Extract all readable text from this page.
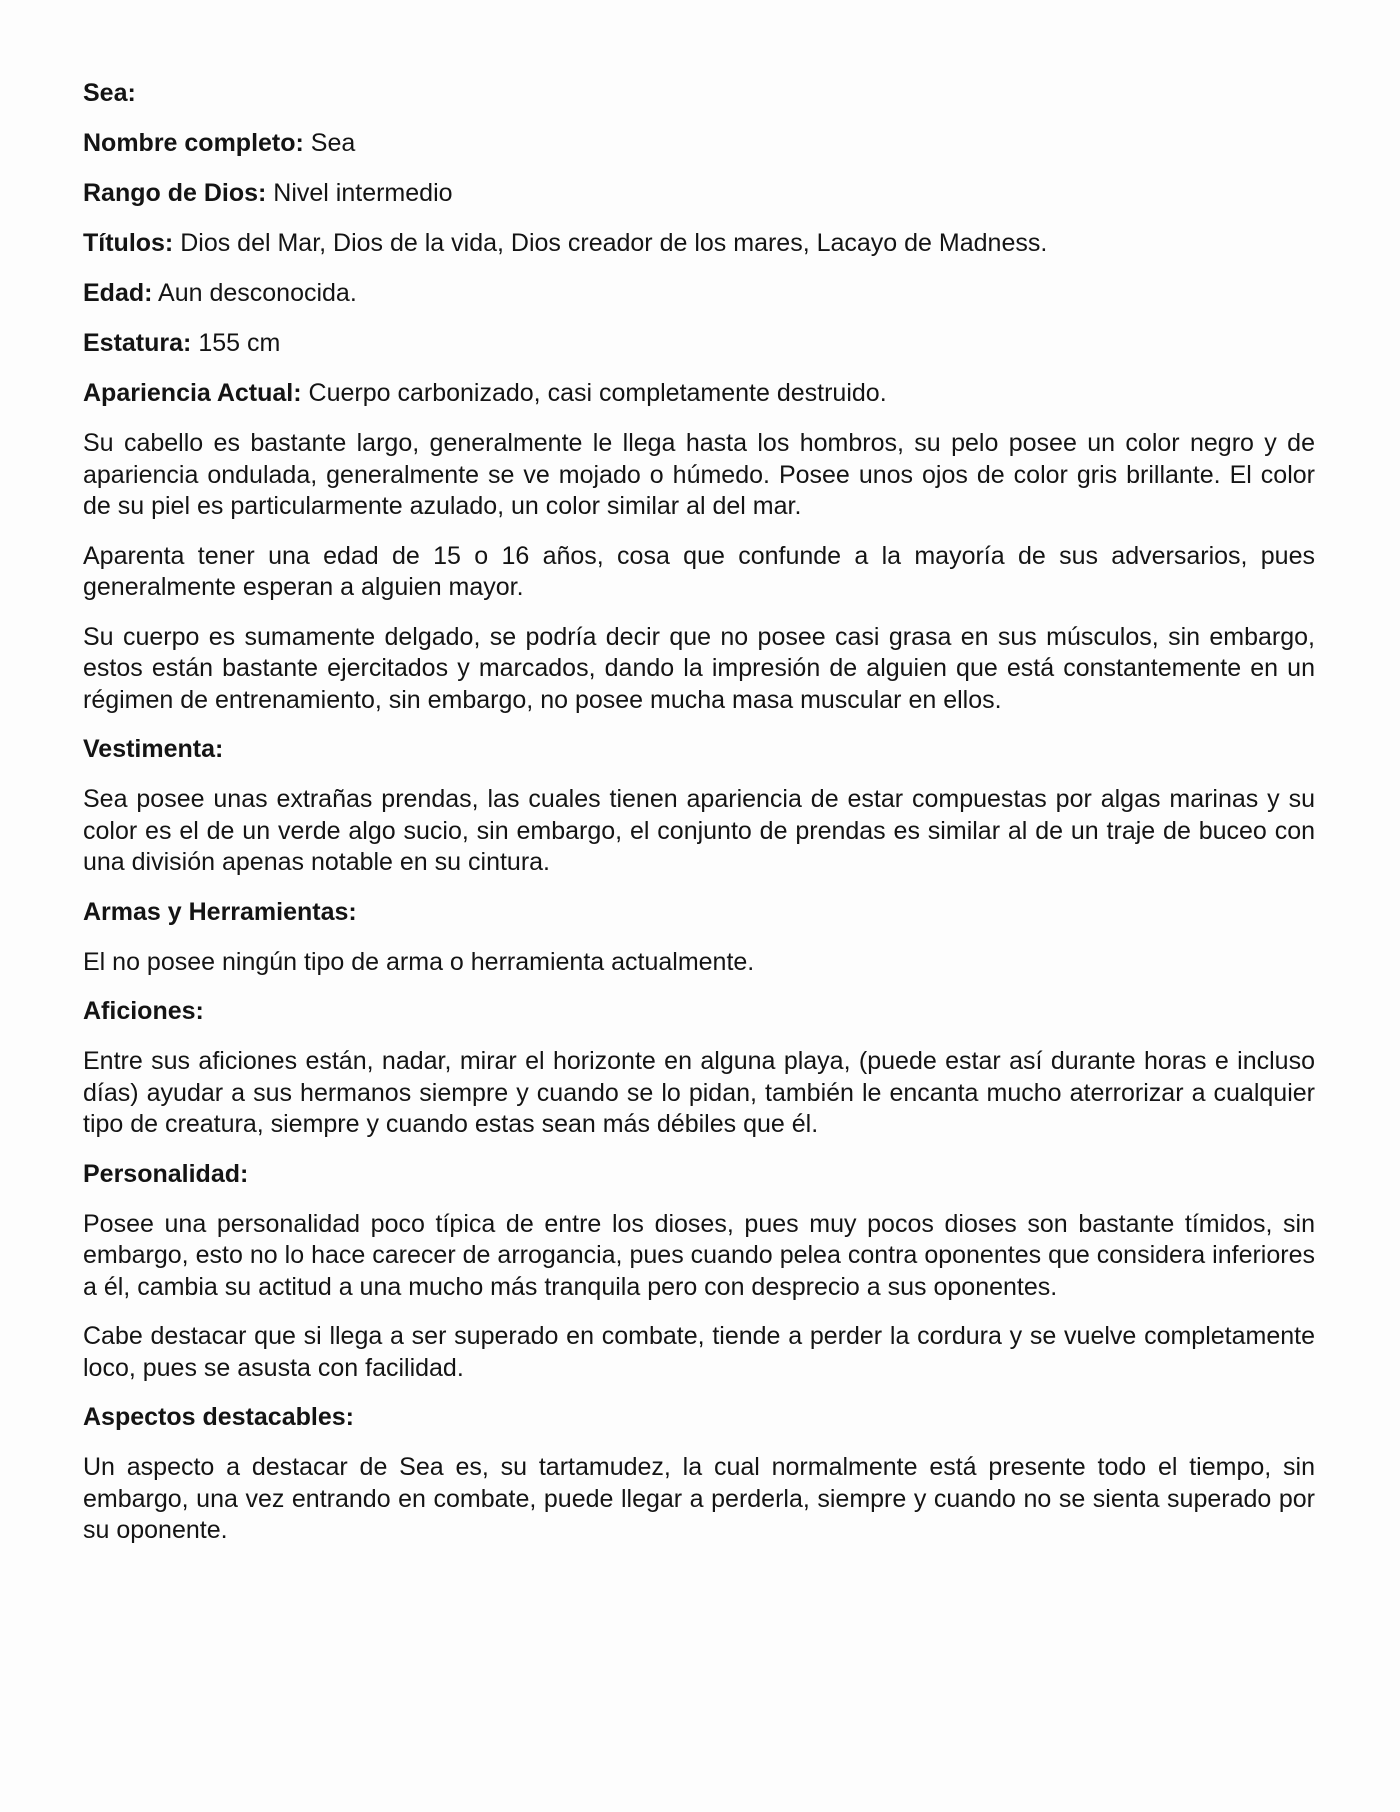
Sea:
Nombre completo: Sea
Rango de Dios: Nivel intermedio
Títulos: Dios del Mar, Dios de la vida, Dios creador de los mares, Lacayo de Madness.
Edad: Aun desconocida.
Estatura: 155 cm
Apariencia Actual: Cuerpo carbonizado, casi completamente destruido.

Su cabello es bastante largo, generalmente le llega hasta los hombros, su pelo posee un color negro y de apariencia ondulada, generalmente se ve mojado o húmedo. Posee unos ojos de color gris brillante. El color de su piel es particularmente azulado, un color similar al del mar.

Aparenta tener una edad de 15 o 16 años, cosa que confunde a la mayoría de sus adversarios, pues generalmente esperan a alguien mayor.

Su cuerpo es sumamente delgado, se podría decir que no posee casi grasa en sus músculos, sin embargo, estos están bastante ejercitados y marcados, dando la impresión de alguien que está constantemente en un régimen de entrenamiento, sin embargo, no posee mucha masa muscular en ellos.

Vestimenta:

Sea posee unas extrañas prendas, las cuales tienen apariencia de estar compuestas por algas marinas y su color es el de un verde algo sucio, sin embargo, el conjunto de prendas es similar al de un traje de buceo con una división apenas notable en su cintura.

Armas y Herramientas:

El no posee ningún tipo de arma o herramienta actualmente.

Aficiones:

Entre sus aficiones están, nadar, mirar el horizonte en alguna playa, (puede estar así durante horas e incluso días) ayudar a sus hermanos siempre y cuando se lo pidan, también le encanta mucho aterrorizar a cualquier tipo de creatura, siempre y cuando estas sean más débiles que él.

Personalidad:

Posee una personalidad poco típica de entre los dioses, pues muy pocos dioses son bastante tímidos, sin embargo, esto no lo hace carecer de arrogancia, pues cuando pelea contra oponentes que considera inferiores a él, cambia su actitud a una mucho más tranquila pero con desprecio a sus oponentes.

Cabe destacar que si llega a ser superado en combate, tiende a perder la cordura y se vuelve completamente loco, pues se asusta con facilidad.

Aspectos destacables:

Un aspecto a destacar de Sea es, su tartamudez, la cual normalmente está presente todo el tiempo, sin embargo, una vez entrando en combate, puede llegar a perderla, siempre y cuando no se sienta superado por su oponente.
